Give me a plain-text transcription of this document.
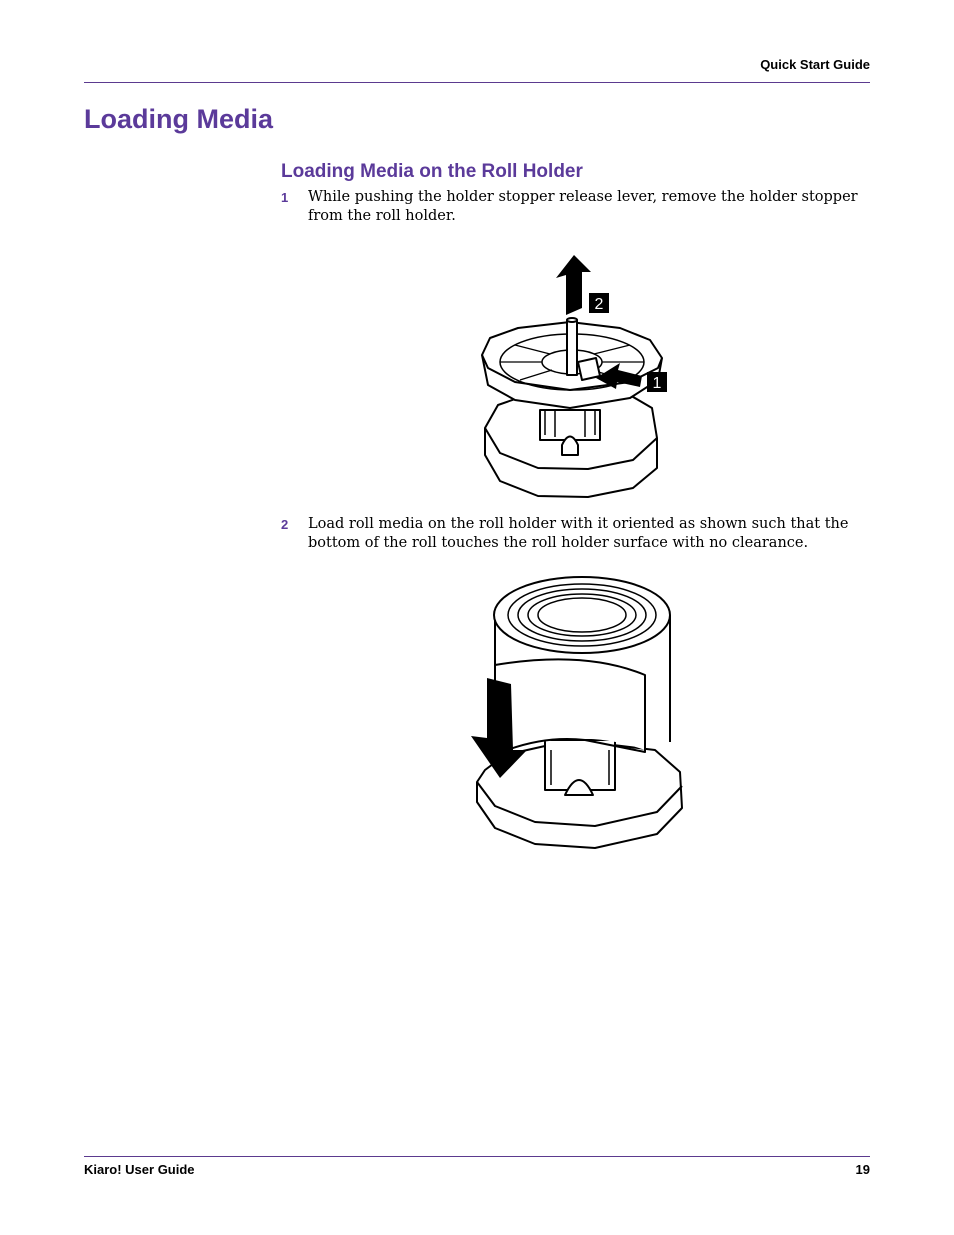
Quick Start Guide
Loading Media
Loading Media on the Roll Holder
1 While pushing the holder stopper release lever, remove the holder stopper from the roll holder.
2
1
2 Load roll media on the roll holder with it oriented as shown such that the bottom of the roll touches the roll holder surface with no clearance.
Kiaro! User Guide	19
